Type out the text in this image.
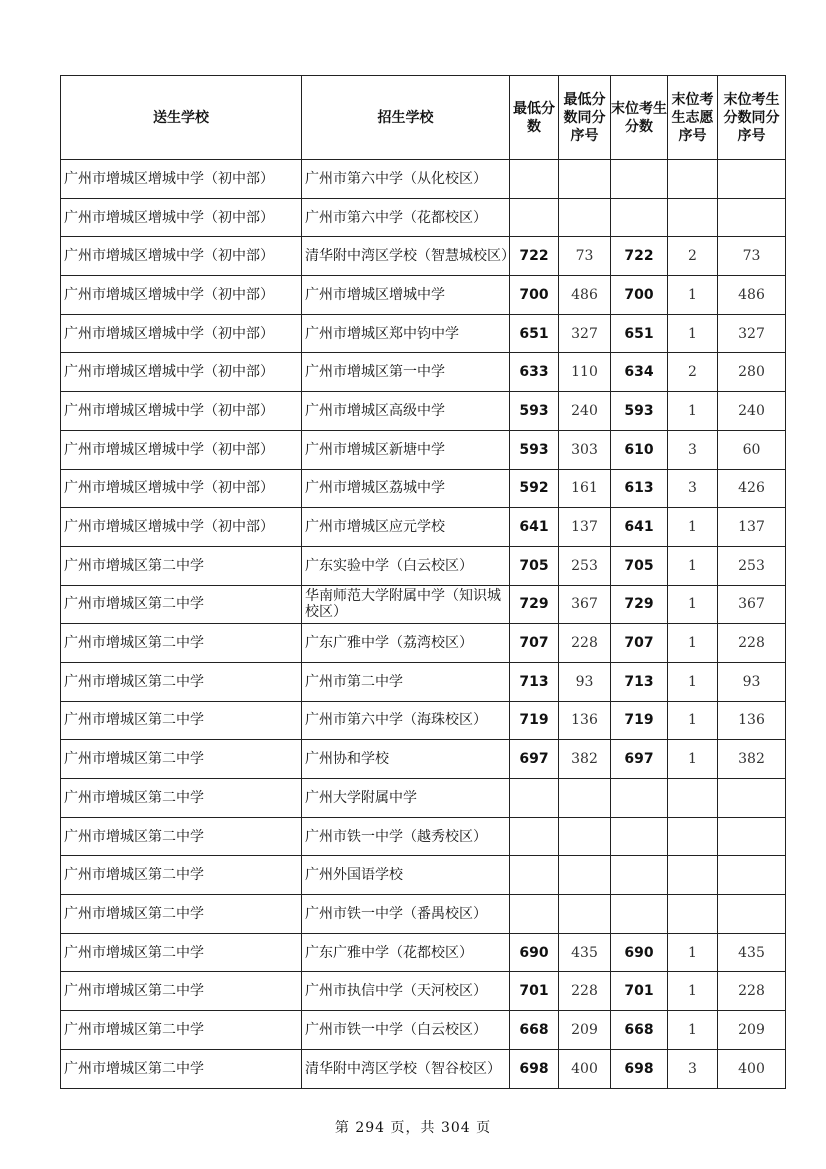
送生学校	招生学校	最低分数	最低分数同分序号	末位考生分数	末位考生志愿序号	末位考生分数同分序号
广州市增城区增城中学（初中部）	广州市第六中学（从化校区）					
广州市增城区增城中学（初中部）	广州市第六中学（花都校区）					
广州市增城区增城中学（初中部）	清华附中湾区学校（智慧城校区）	722	73	722	2	73
广州市增城区增城中学（初中部）	广州市增城区增城中学	700	486	700	1	486
广州市增城区增城中学（初中部）	广州市增城区郑中钧中学	651	327	651	1	327
广州市增城区增城中学（初中部）	广州市增城区第一中学	633	110	634	2	280
广州市增城区增城中学（初中部）	广州市增城区高级中学	593	240	593	1	240
广州市增城区增城中学（初中部）	广州市增城区新塘中学	593	303	610	3	60
广州市增城区增城中学（初中部）	广州市增城区荔城中学	592	161	613	3	426
广州市增城区增城中学（初中部）	广州市增城区应元学校	641	137	641	1	137
广州市增城区第二中学	广东实验中学（白云校区）	705	253	705	1	253
广州市增城区第二中学	华南师范大学附属中学（知识城校区）	729	367	729	1	367
广州市增城区第二中学	广东广雅中学（荔湾校区）	707	228	707	1	228
广州市增城区第二中学	广州市第二中学	713	93	713	1	93
广州市增城区第二中学	广州市第六中学（海珠校区）	719	136	719	1	136
广州市增城区第二中学	广州协和学校	697	382	697	1	382
广州市增城区第二中学	广州大学附属中学					
广州市增城区第二中学	广州市铁一中学（越秀校区）					
广州市增城区第二中学	广州外国语学校					
广州市增城区第二中学	广州市铁一中学（番禺校区）					
广州市增城区第二中学	广东广雅中学（花都校区）	690	435	690	1	435
广州市增城区第二中学	广州市执信中学（天河校区）	701	228	701	1	228
广州市增城区第二中学	广州市铁一中学（白云校区）	668	209	668	1	209
广州市增城区第二中学	清华附中湾区学校（智谷校区）	698	400	698	3	400
第 294 页，共 304 页
